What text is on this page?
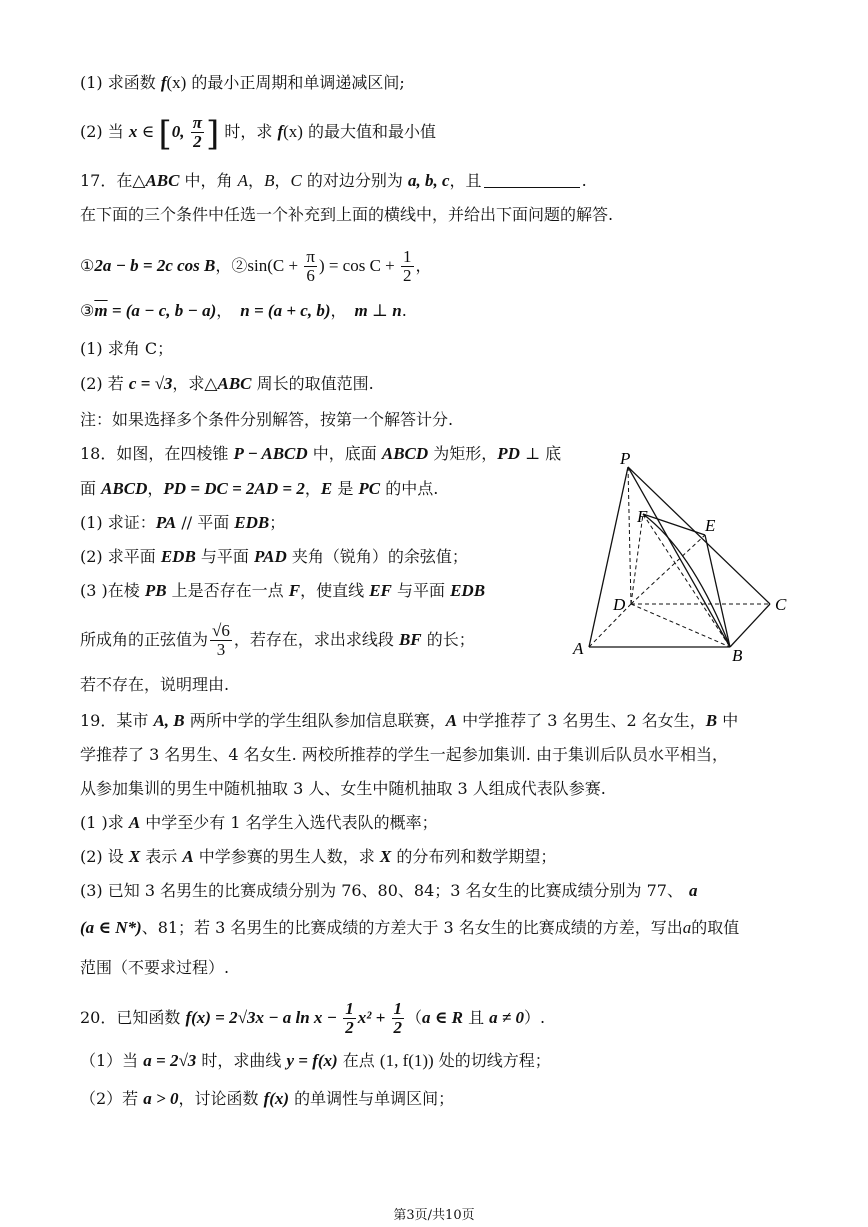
(1) 求函数 f(x) 的最小正周期和单调递减区间;
(2) 当 x ∈ [0, $\frac{\pi}{2}$ ] 时，求 f(x) 的最大值和最小值
17．在△ABC 中，角 A，B，C 的对边分别为 a, b, c，且	.
在下面的三个条件中任选一个补充到上面的横线中，并给出下面问题的解答.
①2a − b = 2c cos B，②sin(C + $\frac{\pi}{6}$ ) = $\cos C + \frac{1}{2}$ ，
$③\overline{m} = (a - c$, b − a)， n = (a + c, b)， m ⊥ n.
(1) 求角 C；
(2) 若 c = √3，求△ABC 周长的取值范围.
注：如果选择多个条件分别解答，按第一个解答计分.
18．如图，在四棱锥 P − ABCD 中，底面 ABCD 为矩形，PD ⊥ 底
面 ABCD，PD = DC = 2AD = 2，E 是 PC 的中点.
(1) 求证：PA // 平面 EDB；
(2) 求平面 EDB 与平面 PAD 夹角（锐角）的余弦值；
(3 )在棱 PB 上是否存在一点 F，使直线 EF 与平面 EDB
所成角的正弦值为 $\frac{√6}{3}$ ，若存在，求出求线段 BF 的长；
若不存在，说明理由.
P
F	E
D	C
A	B
19．某市 A, B 两所中学的学生组队参加信息联赛，A 中学推荐了 3 名男生、2 名女生，B 中
学推荐了 3 名男生、4 名女生. 两校所推荐的学生一起参加集训. 由于集训后队员水平相当，
从参加集训的男生中随机抽取 3 人、女生中随机抽取 3 人组成代表队参赛.
(1 )求 A 中学至少有 1 名学生入选代表队的概率；
(2) 设 X 表示 A 中学参赛的男生人数，求 X 的分布列和数学期望；
(3) 已知 3 名男生的比赛成绩分别为 76、80、84；3 名女生的比赛成绩分别为 77、 a
(a ∈ N*)、81；若 3 名男生的比赛成绩的方差大于 3 名女生的比赛成绩的方差，写出a的取值
范围（不要求过程）.
20．已知函数 f(x) = 2√3x − a $\ln x - \frac{1}{2} x^2 + \frac{1}{2} (a$ ∈ R 且 a ≠ 0）.
（1）当 a = 2√3 时，求曲线 y = f(x) 在点 (1, f(1)) 处的切线方程；
（2）若 a > 0，讨论函数 f(x) 的单调性与单调区间；
第3页/共10页
